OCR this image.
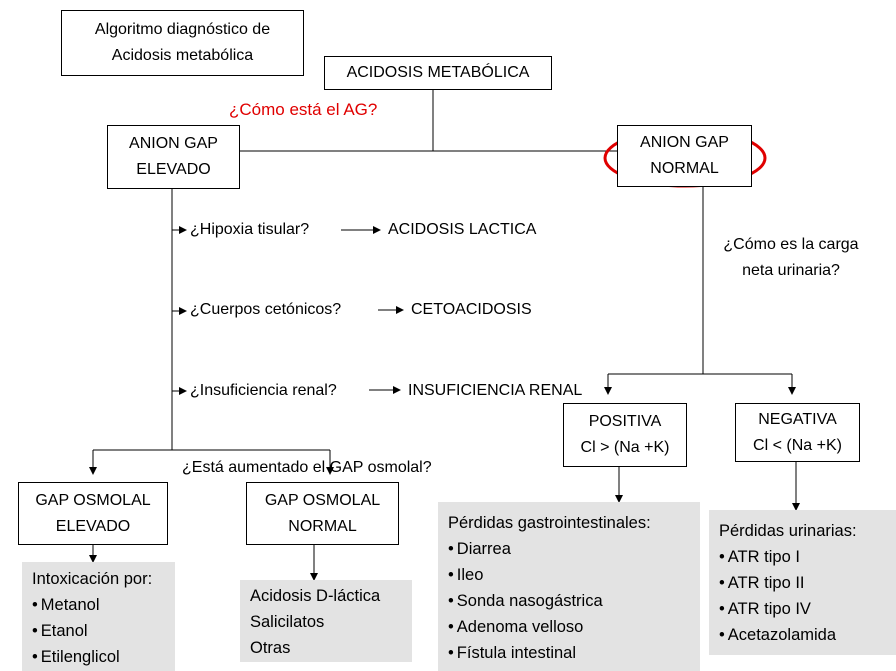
Algoritmo diagnóstico de
Acidosis metabólica
ACIDOSIS METABÓLICA
¿Cómo está el AG?
ANION GAP
ELEVADO
ANION GAP
NORMAL
¿Hipoxia tisular?	ACIDOSIS LACTICA
¿Cuerpos cetónicos?	CETOACIDOSIS
¿Insuficiencia renal?	INSUFICIENCIA RENAL
¿Está aumentado el GAP osmolal?
¿Cómo es la carga
neta urinaria?
GAP OSMOLAL
ELEVADO
GAP OSMOLAL
NORMAL
POSITIVA
Cl > (Na +K)
NEGATIVA
Cl < (Na +K)
Intoxicación por:
• Metanol
• Etanol
• Etilenglicol
Acidosis D-láctica
Salicilatos
Otras
Pérdidas gastrointestinales:
• Diarrea
• Ileo
• Sonda nasogástrica
• Adenoma velloso
• Fístula intestinal
Pérdidas urinarias:
• ATR tipo I
• ATR tipo II
• ATR tipo IV
• Acetazolamida
